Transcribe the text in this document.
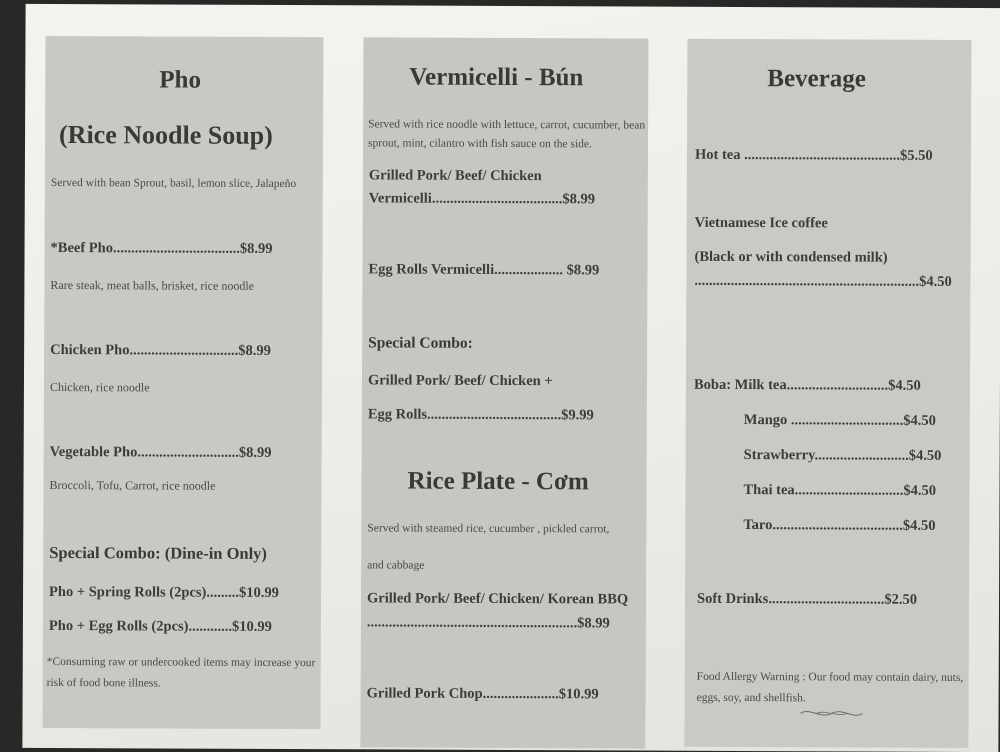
Pho
(Rice Noodle Soup)
Served with bean Sprout, basil, lemon slice, Jalapeño
*Beef Pho...................................$8.99
Rare steak, meat balls, brisket, rice noodle
Chicken Pho..............................$8.99
Chicken, rice noodle
Vegetable Pho............................$8.99
Broccoli, Tofu, Carrot, rice noodle
Special Combo: (Dine-in Only)
Pho + Spring Rolls (2pcs).........$10.99
Pho + Egg Rolls (2pcs)............$10.99
*Consuming raw or undercooked items may increase your risk of food bone illness.
Vermicelli - Bún
Served with rice noodle with lettuce, carrot, cucumber, bean sprout, mint, cilantro with fish sauce on the side.
Grilled Pork/ Beef/ Chicken
Vermicelli....................................$8.99
Egg Rolls Vermicelli................... $8.99
Special Combo:
Grilled Pork/ Beef/ Chicken +
Egg Rolls.....................................$9.99
Rice Plate - Cơm
Served with steamed rice, cucumber , pickled carrot,
and cabbage
Grilled Pork/ Beef/ Chicken/ Korean BBQ
..........................................................$8.99
Grilled Pork Chop.....................$10.99
Beverage
Hot tea ...........................................$5.50
Vietnamese Ice coffee
(Black or with condensed milk)
..............................................................$4.50
Boba: Milk tea............................$4.50
Mango ...............................$4.50
Strawberry..........................$4.50
Thai tea..............................$4.50
Taro....................................$4.50
Soft Drinks................................$2.50
Food Allergy Warning : Our food may contain dairy, nuts, eggs, soy, and shellfish.
